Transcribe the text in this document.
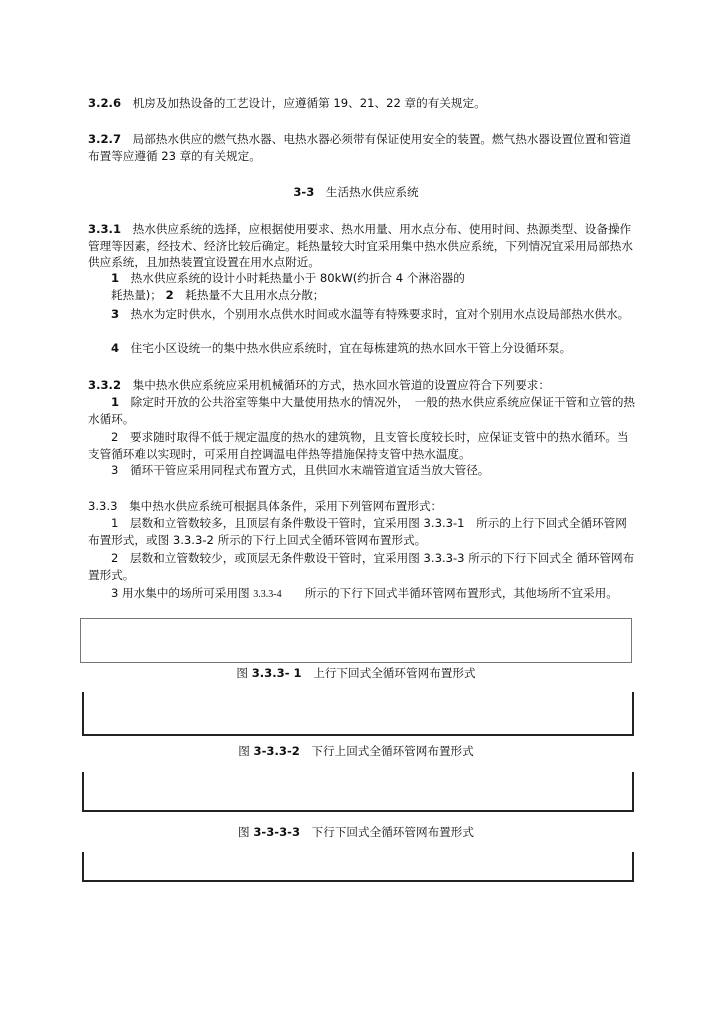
3.2.6　机房及加热设备的工艺设计，应遵循第 19、21、22 章的有关规定。

3.2.7　局部热水供应的燃气热水器、电热水器必须带有保证使用安全的装置。燃气热水器设置位置和管道布置等应遵循 23 章的有关规定。

3-3　生活热水供应系统

3.3.1　热水供应系统的选择，应根据使用要求、热水用量、用水点分布、使用时间、热源类型、设备操作管理等因素，经技术、经济比较后确定。耗热量较大时宜采用集中热水供应系统，下列情况宜采用局部热水供应系统，且加热装置宜设置在用水点附近。

1　热水供应系统的设计小时耗热量小于 80kW(约折合 4 个淋浴器的耗热量)； 2　耗热量不大且用水点分散；

3　热水为定时供水，个别用水点供水时间或水温等有特殊要求时，宜对个别用水点设局部热水供水。

4　住宅小区设统一的集中热水供应系统时，宜在每栋建筑的热水回水干管上分设循环泵。

3.3.2　集中热水供应系统应采用机械循环的方式，热水回水管道的设置应符合下列要求：

1　除定时开放的公共浴室等集中大量使用热水的情况外，　一般的热水供应系统应保证干管和立管的热水循环。

2　要求随时取得不低于规定温度的热水的建筑物，且支管长度较长时，应保证支管中的热水循环。当支管循环难以实现时，可采用自控调温电伴热等措施保持支管中热水温度。

3　循环干管应采用同程式布置方式，且供回水末端管道宜适当放大管径。

3.3.3　集中热水供应系统可根据具体条件，采用下列管网布置形式：

1　层数和立管数较多，且顶层有条件敷设干管时，宜采用图 3.3.3-1　所示的上行下回式全循环管网布置形式，或图 3.3.3-2 所示的下行上回式全循环管网布置形式。

2　层数和立管数较少，或顶层无条件敷设干管时，宜采用图 3.3.3-3 所示的下行下回式全 循环管网布置形式。

3 用水集中的场所可采用图 3.3.3-4　　所示的下行下回式半循环管网布置形式，其他场所不宜采用。

图 3.3.3- 1　上行下回式全循环管网布置形式
图 3-3.3-2　下行上回式全循环管网布置形式
图 3-3-3-3　下行下回式全循环管网布置形式
